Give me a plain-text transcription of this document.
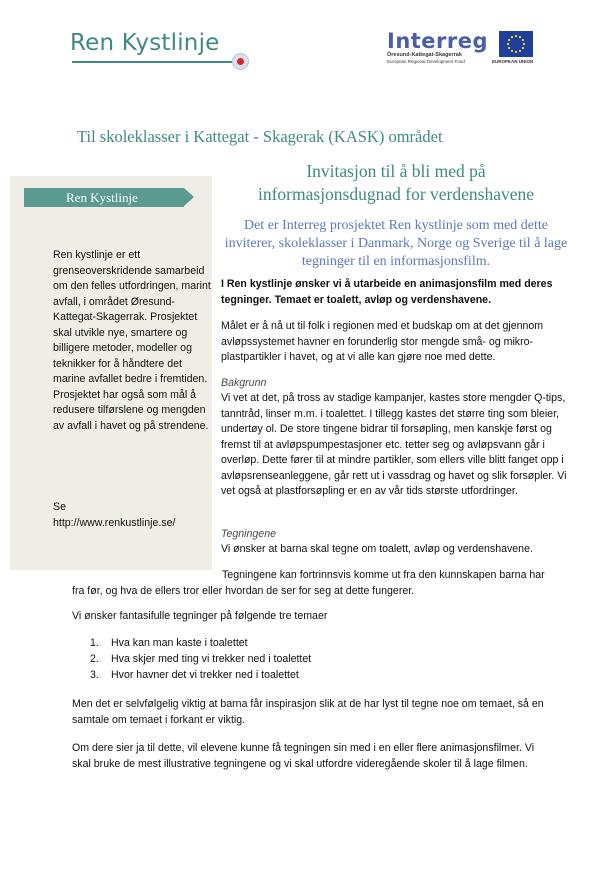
Ren Kystlinje	Interreg
Öresund-Kattegat-Skagerrak
European Regional Development Fund	EUROPEAN UNION
Til skoleklasser i Kattegat - Skagerak (KASK) området
Invitasjon til å bli med på
informasjonsdugnad for verdenshavene
Det er Interreg prosjektet Ren kystlinje som med dette inviterer, skoleklasser i Danmark, Norge og Sverige til å lage tegninger til en informasjonsfilm.
Ren Kystlinje

Ren kystlinje er ett grenseoverskridende samarbeid om den felles utfordringen, marint avfall, i området Øresund-Kattegat-Skagerrak. Prosjektet skal utvikle nye, smartere og billigere metoder, modeller og teknikker for å håndtere det marine avfallet bedre i fremtiden. Prosjektet har også som mål å redusere tilførslene og mengden av avfall i havet og på strendene.

Se
http://www.renkustlinje.se/
I Ren kystlinje ønsker vi å utarbeide en animasjonsfilm med deres tegninger. Temaet er toalett, avløp og verdenshavene.
Målet er å nå ut til folk i regionen med et budskap om at det gjennom avløpssystemet havner en forunderlig stor mengde små- og mikro-plastpartikler i havet, og at vi alle kan gjøre noe med dette.
Bakgrunn
Vi vet at det, på tross av stadige kampanjer, kastes store mengder Q-tips, tanntråd, linser m.m. i toalettet. I tillegg kastes det større ting som bleier, undertøy ol. De store tingene bidrar til forsøpling, men kanskje først og fremst til at avløpspumpestasjoner etc. tetter seg og avløpsvann går i overløp. Dette fører til at mindre partikler, som ellers ville blitt fanget opp i avløpsrenseanleggene, går rett ut i vassdrag og havet og slik forsøpler. Vi vet også at plastforsøpling er en av vår tids største utfordringer.
Tegningene
Vi ønsker at barna skal tegne om toalett, avløp og verdenshavene.
Tegningene kan fortrinnsvis komme ut fra den kunnskapen barna har
fra før, og hva de ellers tror eller hvordan de ser for seg at dette fungerer.
Vi ønsker fantasifulle tegninger på følgende tre temaer
1.	Hva kan man kaste i toalettet
2.	Hva skjer med ting vi trekker ned i toalettet
3.	Hvor havner det vi trekker ned i toalettet
Men det er selvfølgelig viktig at barna får inspirasjon slik at de har lyst til tegne noe om temaet, så en samtale om temaet i forkant er viktig.
Om dere sier ja til dette, vil elevene kunne få tegningen sin med i en eller flere animasjonsfilmer. Vi skal bruke de mest illustrative tegningene og vi skal utfordre videregående skoler til å lage filmen.
